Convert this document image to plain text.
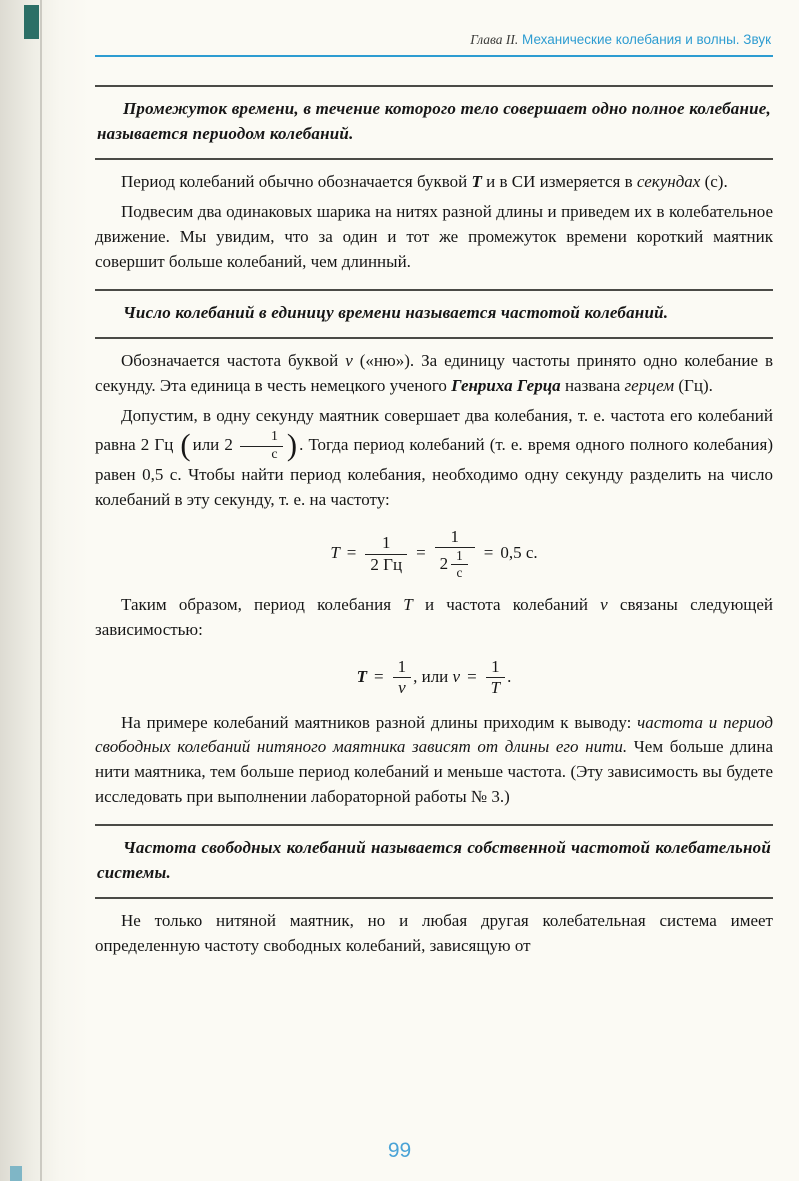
Глава II. Механические колебания и волны. Звук

Промежуток времени, в течение которого тело совершает одно полное колебание, называется периодом колебаний.

Период колебаний обычно обозначается буквой T и в СИ измеряется в секундах (с).

Подвесим два одинаковых шарика на нитях разной длины и приведем их в колебательное движение. Мы увидим, что за один и тот же промежуток времени короткий маятник совершит больше колебаний, чем длинный.

Число колебаний в единицу времени называется частотой колебаний.

Обозначается частота буквой ν («ню»). За единицу частоты принято одно колебание в секунду. Эта единица в честь немецкого ученого Генриха Герца названа герцем (Гц).

Допустим, в одну секунду маятник совершает два колебания, т. е. частота его колебаний равна 2 Гц ( или $2 \frac{1}{с}$ ) . Тогда период колебаний (т. е. время одного полного колебания) равен 0,5 с. Чтобы найти период колебания, необходимо одну секунду разделить на число колебаний в эту секунду, т. е. на частоту:

$T = \frac{1}{2 Гц} = \frac{1}{2 \frac{1}{с}} = 0,5$ с.

Таким образом, период колебания T и частота колебаний ν связаны следующей зависимостью:

$T = \frac{1}{\nu}$ , или $\nu = \frac{1}{T}$ .

На примере колебаний маятников разной длины приходим к выводу: частота и период свободных колебаний нитяного маятника зависят от длины его нити. Чем больше длина нити маятника, тем больше период колебаний и меньше частота. (Эту зависимость вы будете исследовать при выполнении лабораторной работы № 3.)

Частота свободных колебаний называется собственной частотой колебательной системы.

Не только нитяной маятник, но и любая другая колебательная система имеет определенную частоту свободных колебаний, зависящую от

99
